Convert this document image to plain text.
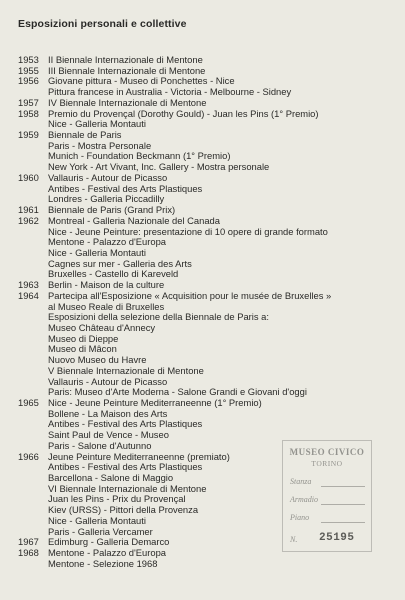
Esposizioni personali e collettive
1953 II Biennale Internazionale di Mentone
1955 III Biennale Internazionale di Mentone
1956 Giovane pittura - Museo di Ponchettes - Nice
Pittura francese in Australia - Victoria - Melbourne - Sidney
1957 IV Biennale Internazionale di Mentone
1958 Premio du Provençal (Dorothy Gould) - Juan les Pins (1° Premio)
Nice - Galleria Montauti
1959 Biennale de Paris
Paris - Mostra Personale
Munich - Foundation Beckmann (1° Premio)
New York - Art Vivant, Inc. Gallery - Mostra personale
1960 Vallauris - Autour de Picasso
Antibes - Festival des Arts Plastiques
Londres - Galleria Piccadilly
1961 Biennale de Paris (Grand Prix)
1962 Montreal - Galleria Nazionale del Canada
Nice - Jeune Peinture: presentazione di 10 opere di grande formato
Mentone - Palazzo d'Europa
Nice - Galleria Montauti
Cagnes sur mer - Galleria des Arts
Bruxelles - Castello di Kareveld
1963 Berlin - Maison de la culture
1964 Partecipa all'Esposizione « Acquisition pour le musée de Bruxelles »
al Museo Reale di Bruxelles
Esposizioni della selezione della Biennale de Paris a:
Museo Château d'Annecy
Museo di Dieppe
Museo di Mâcon
Nuovo Museo du Havre
V Biennale Internazionale di Mentone
Vallauris - Autour de Picasso
Paris: Museo d'Arte Moderna - Salone Grandi e Giovani d'oggi
1965 Nice - Jeune Peinture Mediterraneenne (1° Premio)
Bollene - La Maison des Arts
Antibes - Festival des Arts Plastiques
Saint Paul de Vence - Museo
Paris - Salone d'Autunno
1966 Jeune Peinture Mediterraneenne (premiato)
Antibes - Festival des Arts Plastiques
Barcellona - Salone di Maggio
VI Biennale Internazionale di Mentone
Juan les Pins - Prix du Provençal
Kiev (URSS) - Pittori della Provenza
Nice - Galleria Montauti
Paris - Galleria Vercamer
1967 Edimburg - Galleria Demarco
1968 Mentone - Palazzo d'Europa
Mentone - Selezione 1968
MUSEO CIVICO
TORINO
Stanza
Armadio
Piano
N. 25195
